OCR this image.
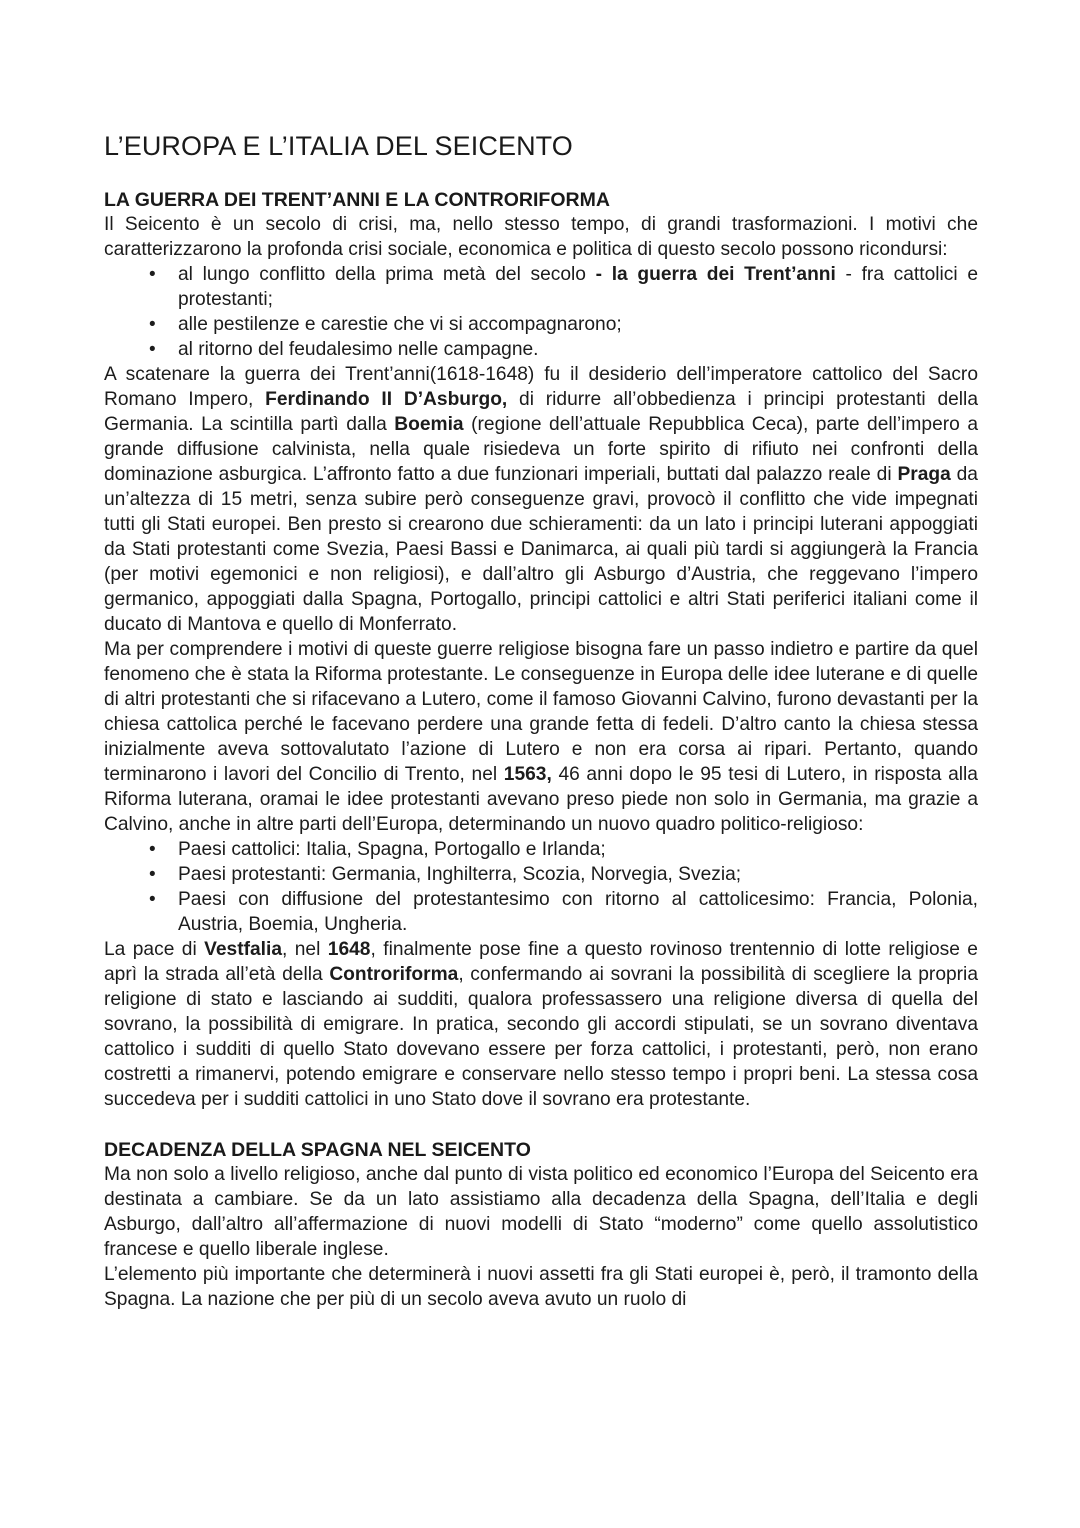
L’EUROPA E L’ITALIA DEL SEICENTO
LA GUERRA DEI TRENT’ANNI E LA CONTRORIFORMA

Il Seicento è un secolo di crisi, ma, nello stesso tempo, di grandi trasformazioni. I motivi che caratterizzarono la profonda crisi sociale, economica e politica di questo secolo possono ricondursi:

• al lungo conflitto della prima metà del secolo - la guerra dei Trent’anni - fra cattolici e protestanti;
• alle pestilenze e carestie che vi si accompagnarono;
• al ritorno del feudalesimo nelle campagne.

A scatenare la guerra dei Trent’anni(1618-1648) fu il desiderio dell’imperatore cattolico del Sacro Romano Impero, Ferdinando II D’Asburgo, di ridurre all’obbedienza i principi protestanti della Germania. La scintilla partì dalla Boemia (regione dell’attuale Repubblica Ceca), parte dell’impero a grande diffusione calvinista, nella quale risiedeva un forte spirito di rifiuto nei confronti della dominazione asburgica. L’affronto fatto a due funzionari imperiali, buttati dal palazzo reale di Praga da un’altezza di 15 metri, senza subire però conseguenze gravi, provocò il conflitto che vide impegnati tutti gli Stati europei. Ben presto si crearono due schieramenti: da un lato i principi luterani appoggiati da Stati protestanti come Svezia, Paesi Bassi e Danimarca, ai quali più tardi si aggiungerà la Francia (per motivi egemonici e non religiosi), e dall’altro gli Asburgo d’Austria, che reggevano l’impero germanico, appoggiati dalla Spagna, Portogallo, principi cattolici e altri Stati periferici italiani come il ducato di Mantova e quello di Monferrato.

Ma per comprendere i motivi di queste guerre religiose bisogna fare un passo indietro e partire da quel fenomeno che è stata la Riforma protestante. Le conseguenze in Europa delle idee luterane e di quelle di altri protestanti che si rifacevano a Lutero, come il famoso Giovanni Calvino, furono devastanti per la chiesa cattolica perché le facevano perdere una grande fetta di fedeli. D’altro canto la chiesa stessa inizialmente aveva sottovalutato l’azione di Lutero e non era corsa ai ripari. Pertanto, quando terminarono i lavori del Concilio di Trento, nel 1563, 46 anni dopo le 95 tesi di Lutero, in risposta alla Riforma luterana, oramai le idee protestanti avevano preso piede non solo in Germania, ma grazie a Calvino, anche in altre parti dell’Europa, determinando un nuovo quadro politico-religioso:

• Paesi cattolici: Italia, Spagna, Portogallo e Irlanda;
• Paesi protestanti: Germania, Inghilterra, Scozia, Norvegia, Svezia;
• Paesi con diffusione del protestantesimo con ritorno al cattolicesimo: Francia, Polonia, Austria, Boemia, Ungheria.

La pace di Vestfalia, nel 1648, finalmente pose fine a questo rovinoso trentennio di lotte religiose e aprì la strada all’età della Controriforma, confermando ai sovrani la possibilità di scegliere la propria religione di stato e lasciando ai sudditi, qualora professassero una religione diversa di quella del sovrano, la possibilità di emigrare. In pratica, secondo gli accordi stipulati, se un sovrano diventava cattolico i sudditi di quello Stato dovevano essere per forza cattolici, i protestanti, però, non erano costretti a rimanervi, potendo emigrare e conservare nello stesso tempo i propri beni. La stessa cosa succedeva per i sudditi cattolici in uno Stato dove il sovrano era protestante.

DECADENZA DELLA SPAGNA NEL SEICENTO

Ma non solo a livello religioso, anche dal punto di vista politico ed economico l’Europa del Seicento era destinata a cambiare. Se da un lato assistiamo alla decadenza della Spagna, dell’Italia e degli Asburgo, dall’altro all’affermazione di nuovi modelli di Stato “moderno” come quello assolutistico francese e quello liberale inglese.

L’elemento più importante che determinerà i nuovi assetti fra gli Stati europei è, però, il tramonto della Spagna. La nazione che per più di un secolo aveva avuto un ruolo di
